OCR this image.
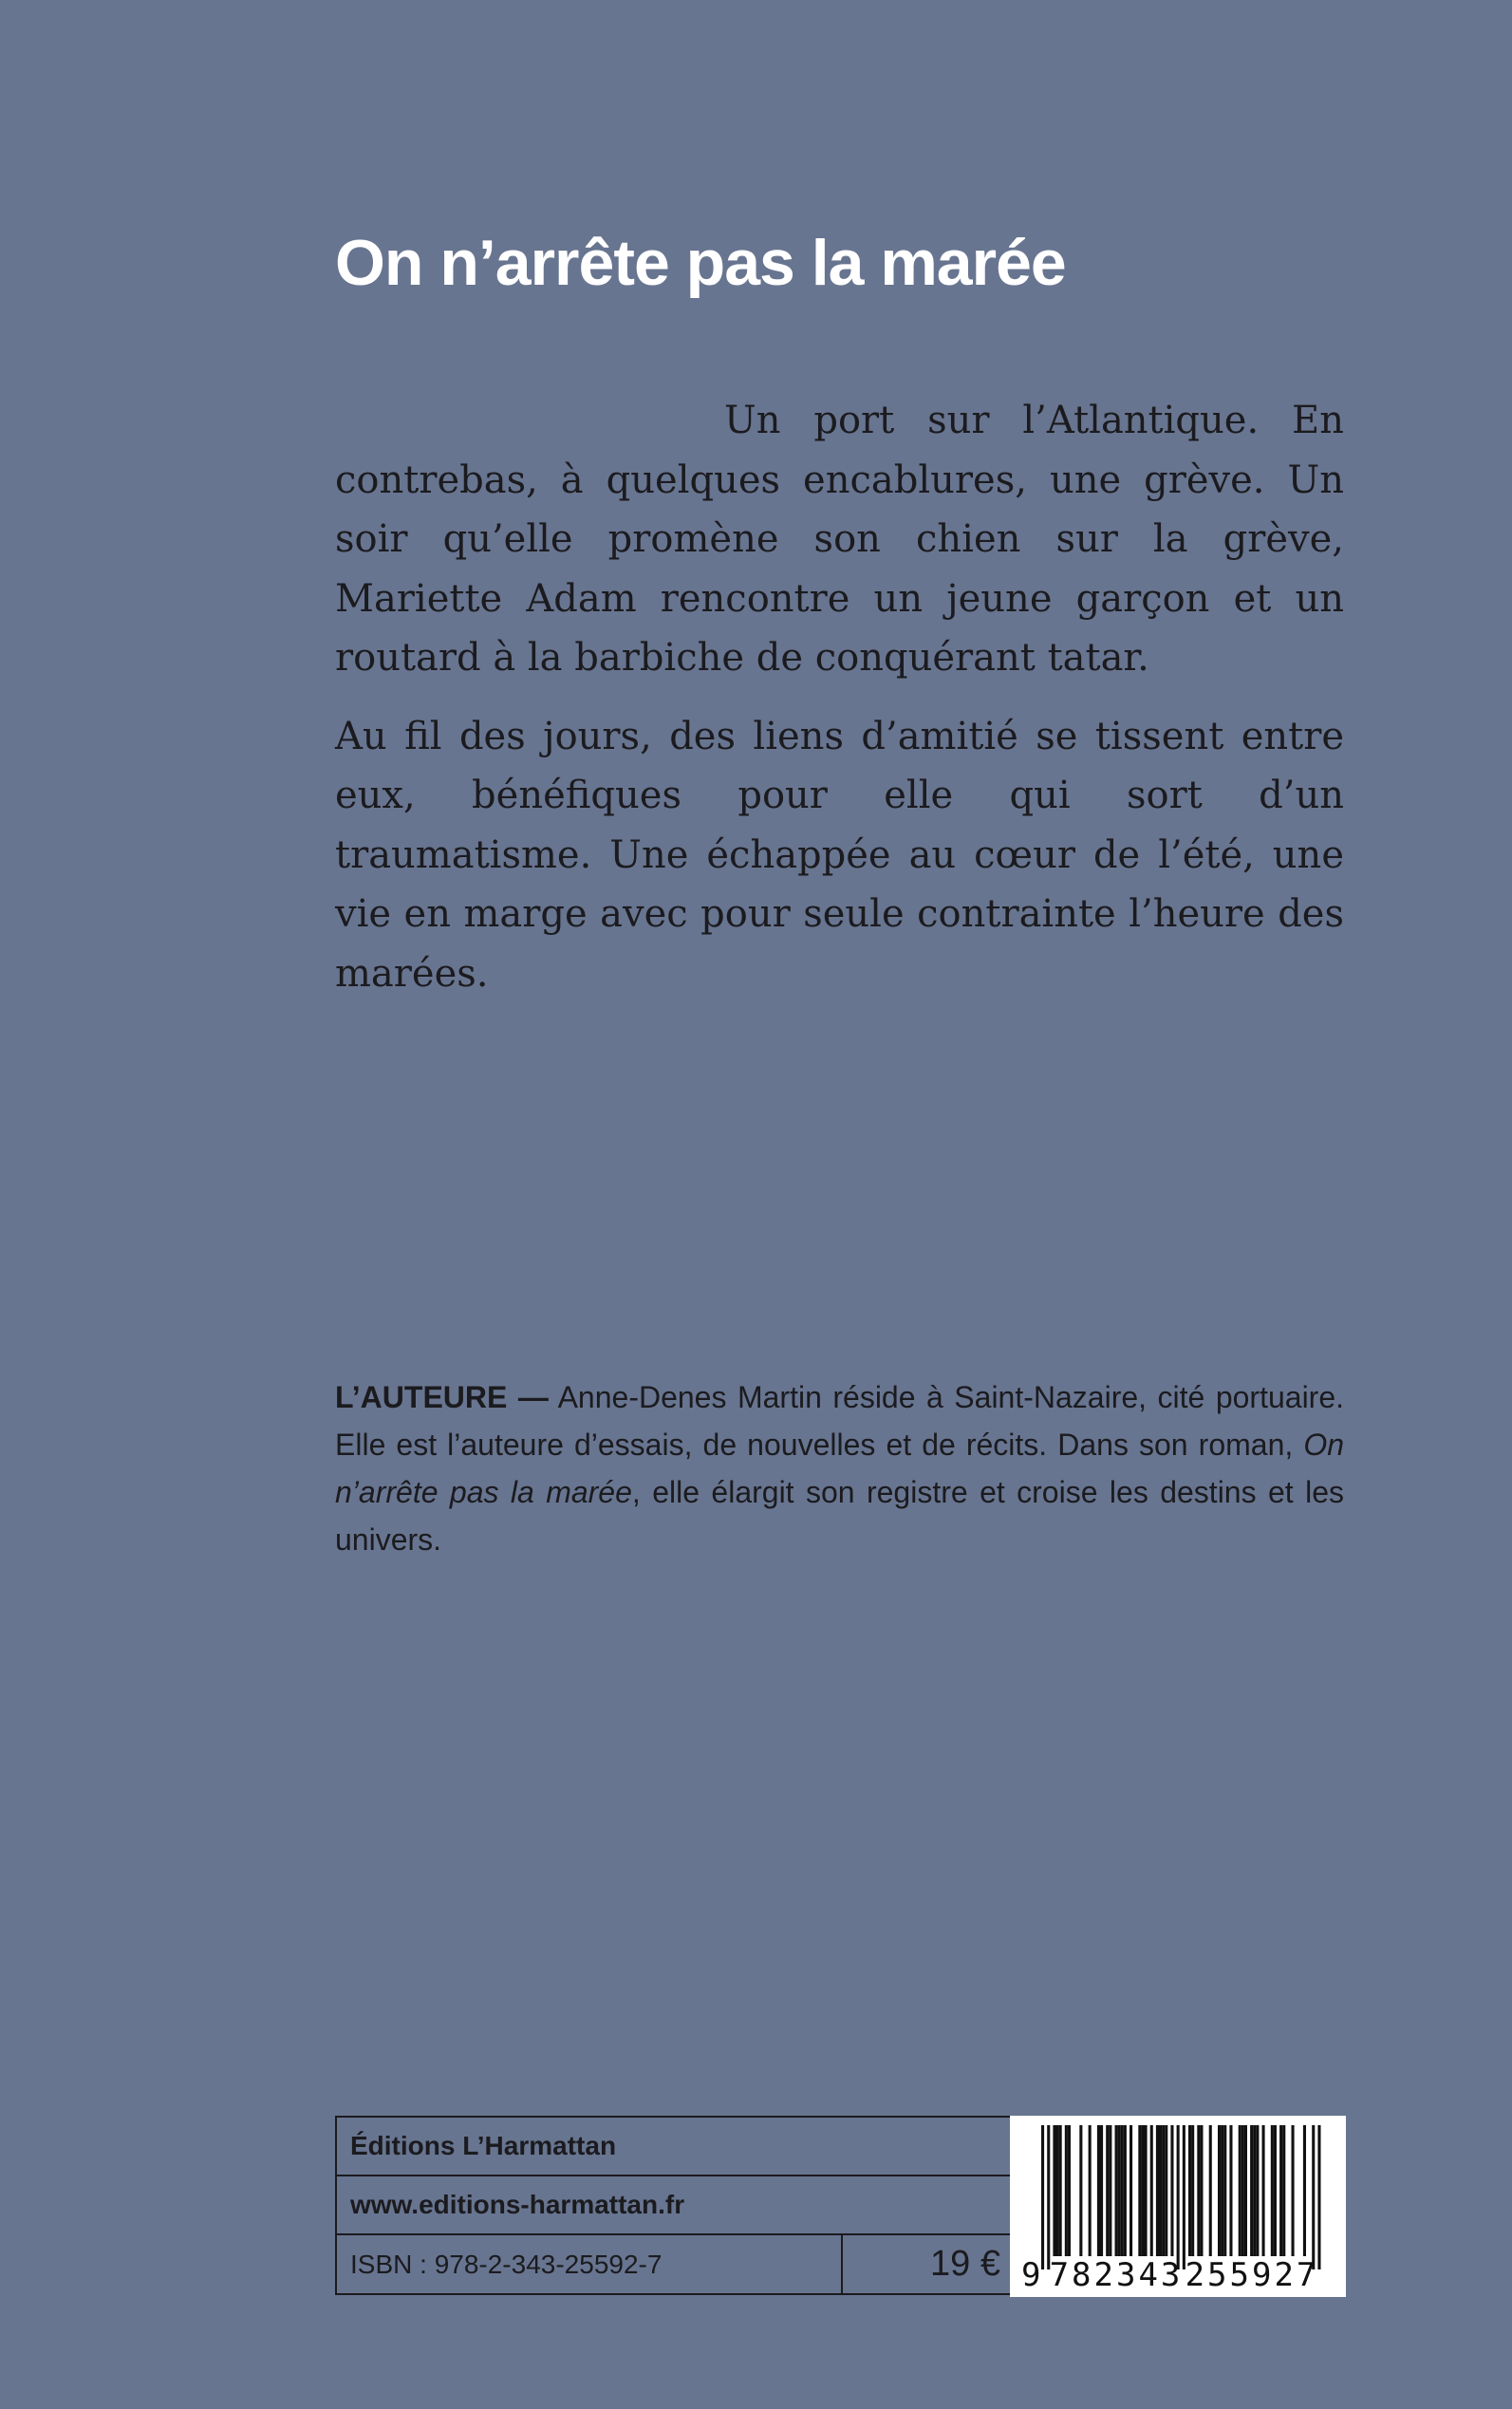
On n’arrête pas la marée

Un port sur l’Atlantique. En contrebas, à quelques encablures, une grève. Un soir qu’elle promène son chien sur la grève, Mariette Adam rencontre un jeune garçon et un routard à la barbiche de conquérant tatar.

Au fil des jours, des liens d’amitié se tissent entre eux, bénéfiques pour elle qui sort d’un traumatisme. Une échappée au cœur de l’été, une vie en marge avec pour seule contrainte l’heure des marées.

L’AUTEURE — Anne-Denes Martin réside à Saint-Nazaire, cité portuaire. Elle est l’auteure d’essais, de nouvelles et de récits. Dans son roman, On n’arrête pas la marée, elle élargit son registre et croise les destins et les univers.

Éditions L’Harmattan
www.editions-harmattan.fr
ISBN : 978-2-343-25592-7	19 € 9 782343 255927
